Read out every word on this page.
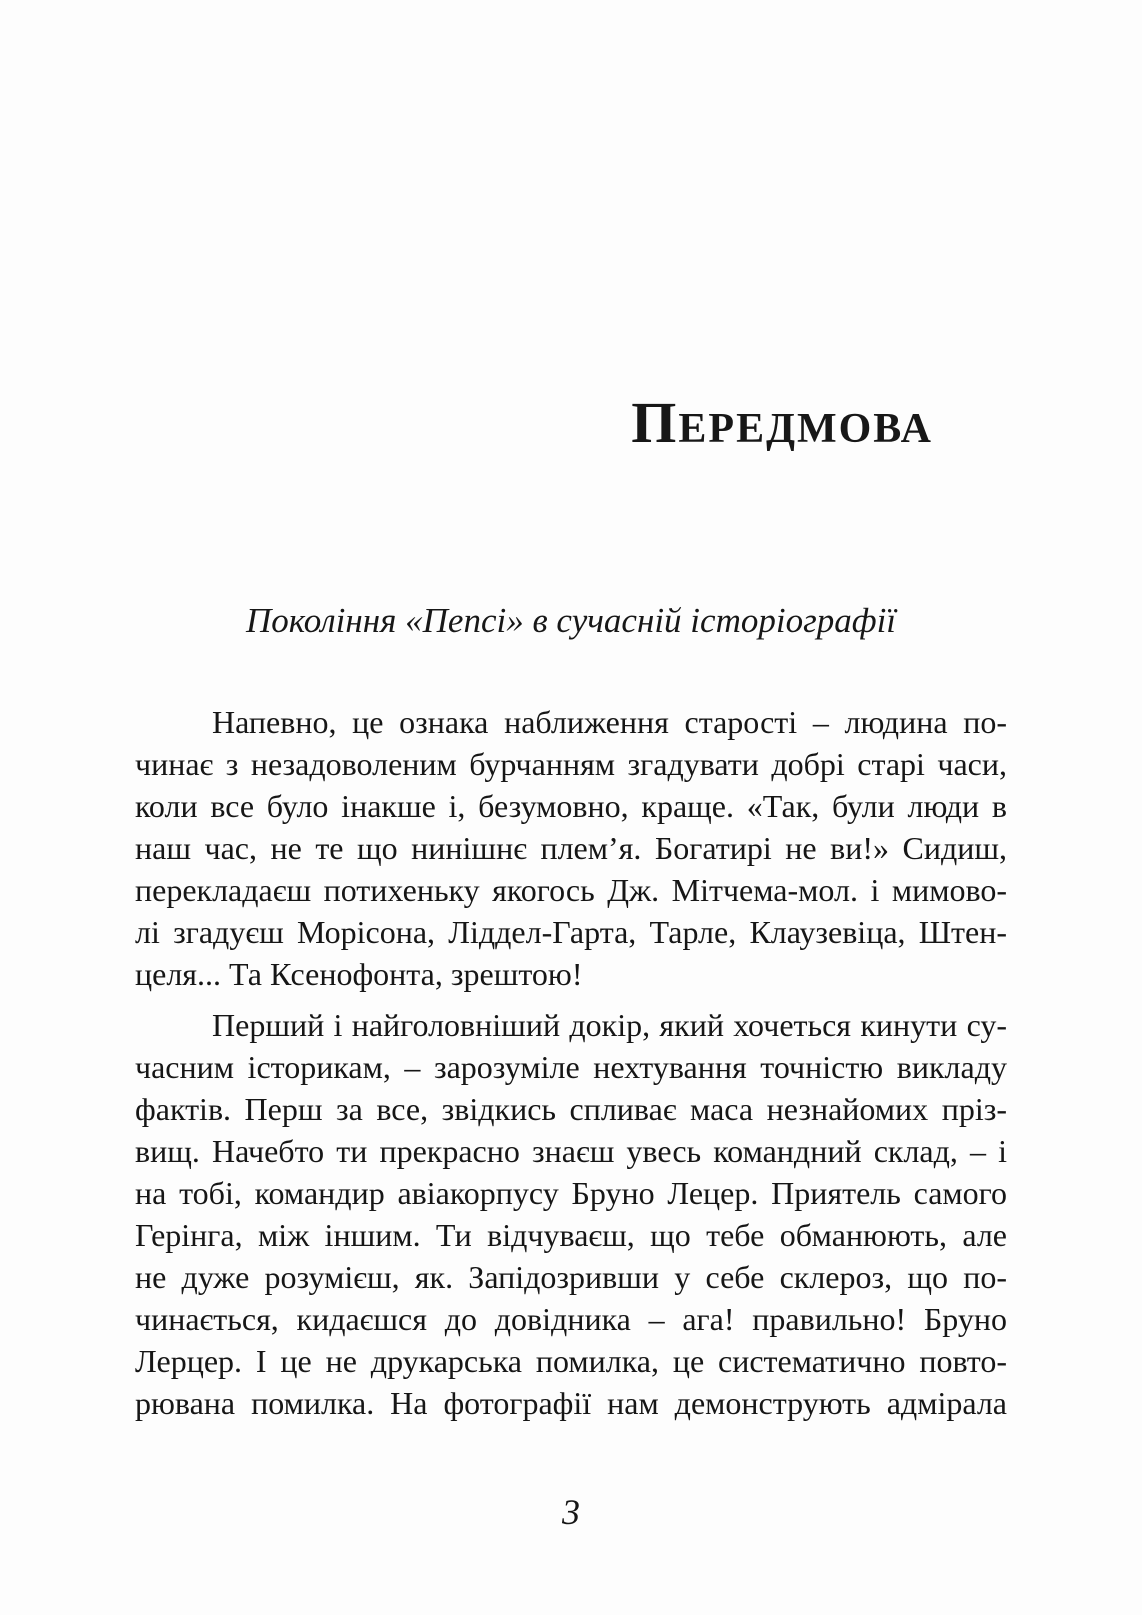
ПЕРЕДМОВА
Покоління «Пепсі» в сучасній історіографії
Напевно, це ознака наближення старості – людина по-
чинає з незадоволеним бурчанням згадувати добрі старі часи,
коли все було інакше і, безумовно, краще. «Так, були люди в
наш час, не те що нинішнє плем’я. Богатирі не ви!» Сидиш,
перекладаєш потихеньку якогось Дж. Мітчема-мол. і мимово-
лі згадуєш Морісона, Ліддел-Гарта, Тарле, Клаузевіца, Штен-
целя... Та Ксенофонта, зрештою!
Перший і найголовніший докір, який хочеться кинути су-
часним історикам, – зарозуміле нехтування точністю викладу
фактів. Перш за все, звідкись спливає маса незнайомих пріз-
вищ. Начебто ти прекрасно знаєш увесь командний склад, – і
на тобі, командир авіакорпусу Бруно Лецер. Приятель самого
Герінга, між іншим. Ти відчуваєш, що тебе обманюють, але
не дуже розумієш, як. Запідозривши у себе склероз, що по-
чинається, кидаєшся до довідника – ага! правильно! Бруно
Лерцер. І це не друкарська помилка, це систематично повто-
рювана помилка. На фотографії нам демонструють адмірала
3
